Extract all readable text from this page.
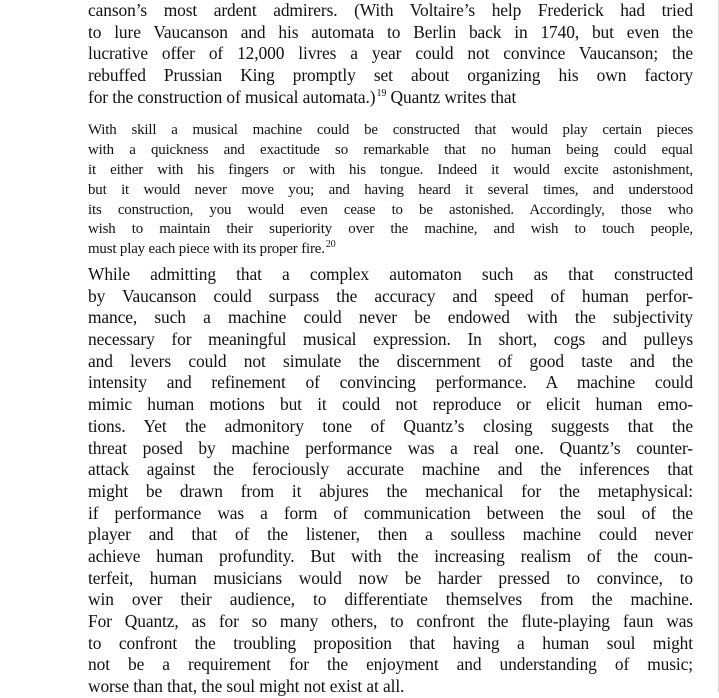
canson’s most ardent admirers. (With Voltaire’s help Frederick had tried
to lure Vaucanson and his automata to Berlin back in 1740, but even the
lucrative offer of 12,000 livres a year could not convince Vaucanson; the
rebuffed Prussian King promptly set about organizing his own factory
for the construction of musical automata.)19 Quantz writes that
With skill a musical machine could be constructed that would play certain pieces
with a quickness and exactitude so remarkable that no human being could equal
it either with his fingers or with his tongue. Indeed it would excite astonishment,
but it would never move you; and having heard it several times, and understood
its construction, you would even cease to be astonished. Accordingly, those who
wish to maintain their superiority over the machine, and wish to touch people,
must play each piece with its proper fire.20
While admitting that a complex automaton such as that constructed
by Vaucanson could surpass the accuracy and speed of human perfor-
mance, such a machine could never be endowed with the subjectivity
necessary for meaningful musical expression. In short, cogs and pulleys
and levers could not simulate the discernment of good taste and the
intensity and refinement of convincing performance. A machine could
mimic human motions but it could not reproduce or elicit human emo-
tions. Yet the admonitory tone of Quantz’s closing suggests that the
threat posed by machine performance was a real one. Quantz’s counter-
attack against the ferociously accurate machine and the inferences that
might be drawn from it abjures the mechanical for the metaphysical:
if performance was a form of communication between the soul of the
player and that of the listener, then a soulless machine could never
achieve human profundity. But with the increasing realism of the coun-
terfeit, human musicians would now be harder pressed to convince, to
win over their audience, to differentiate themselves from the machine.
For Quantz, as for so many others, to confront the flute-playing faun was
to confront the troubling proposition that having a human soul might
not be a requirement for the enjoyment and understanding of music;
worse than that, the soul might not exist at all.
